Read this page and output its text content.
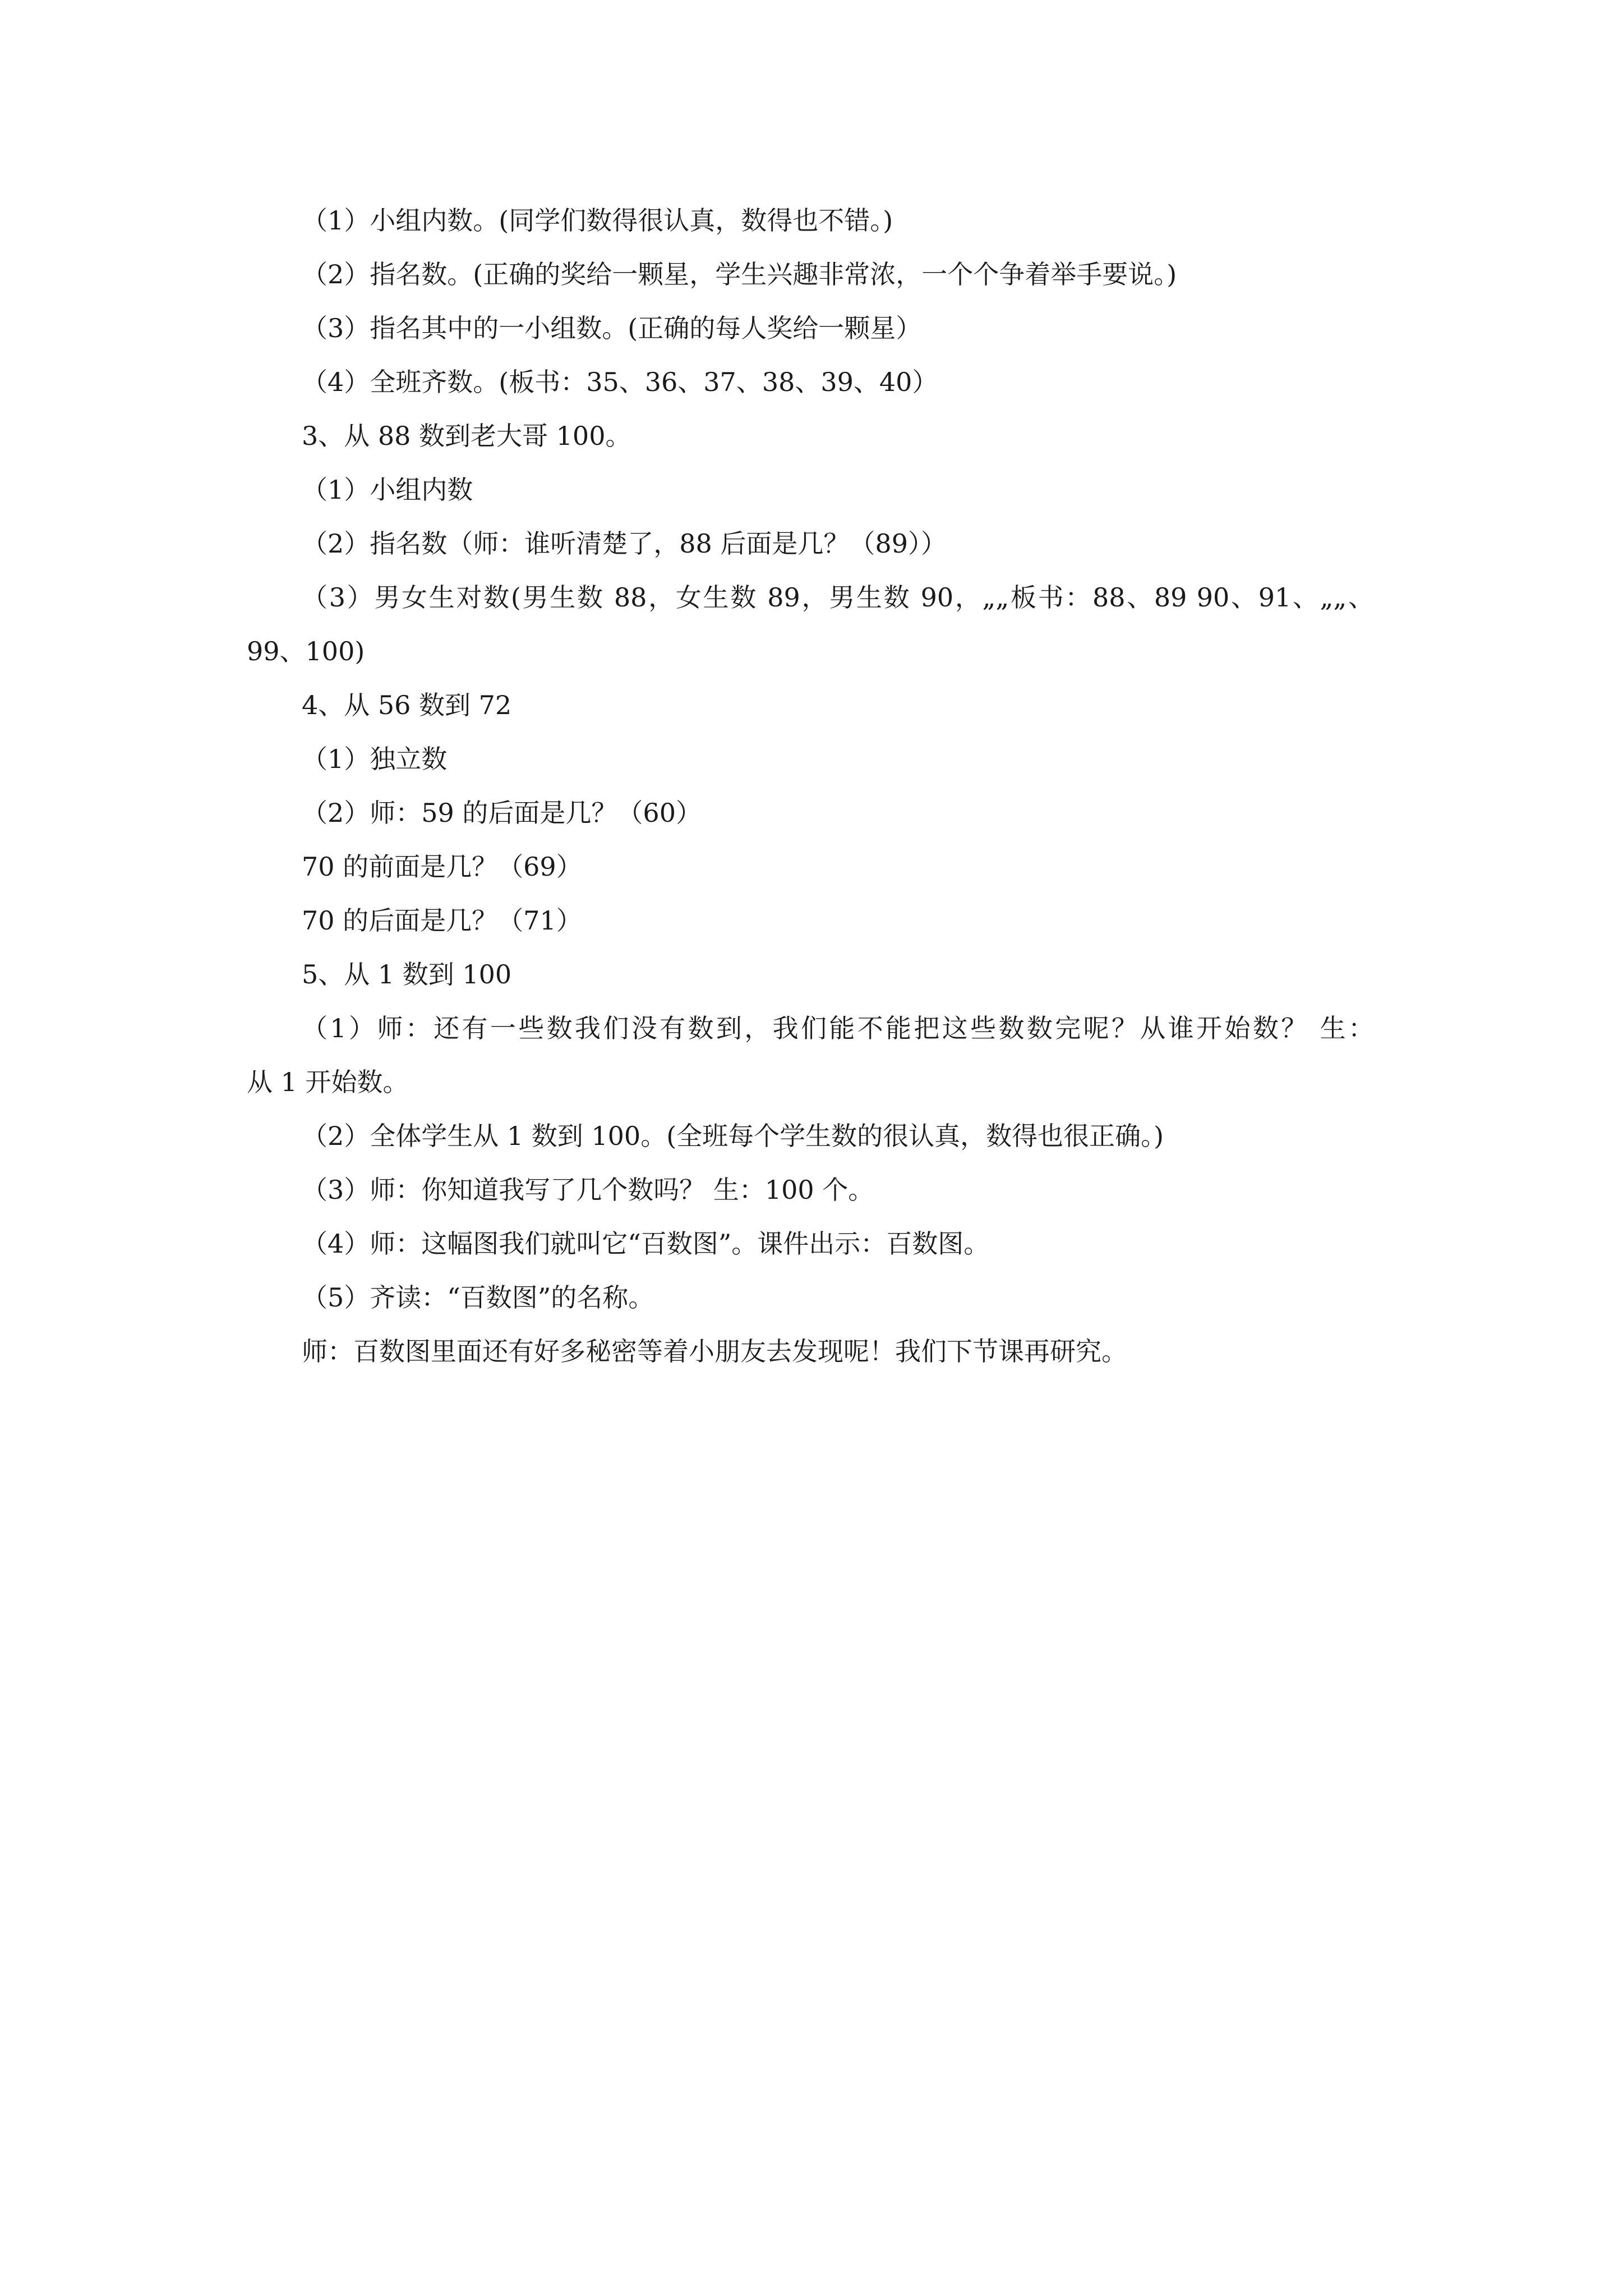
（1）小组内数。(同学们数得很认真，数得也不错。)

（2）指名数。(正确的奖给一颗星，学生兴趣非常浓，一个个争着举手要说。)

（3）指名其中的一小组数。(正确的每人奖给一颗星）

（4）全班齐数。(板书：35、36、37、38、39、40）

3、从 88 数到老大哥 100。

（1）小组内数

（2）指名数（师：谁听清楚了，88 后面是几？（89））

（3）男女生对数(男生数 88，女生数 89，男生数 90，„„板书：88、89 90、91、„„、

99、100)

4、从 56 数到 72

（1）独立数

（2）师：59 的后面是几？（60）

70 的前面是几？（69）

70 的后面是几？（71）

5、从 1 数到 100

（1）师：还有一些数我们没有数到，我们能不能把这些数数完呢？从谁开始数？ 生：

从 1 开始数。

（2）全体学生从 1 数到 100。(全班每个学生数的很认真，数得也很正确。)

（3）师：你知道我写了几个数吗？ 生：100 个。

（4）师：这幅图我们就叫它“百数图”。课件出示：百数图。

（5）齐读：“百数图”的名称。

师：百数图里面还有好多秘密等着小朋友去发现呢！我们下节课再研究。
